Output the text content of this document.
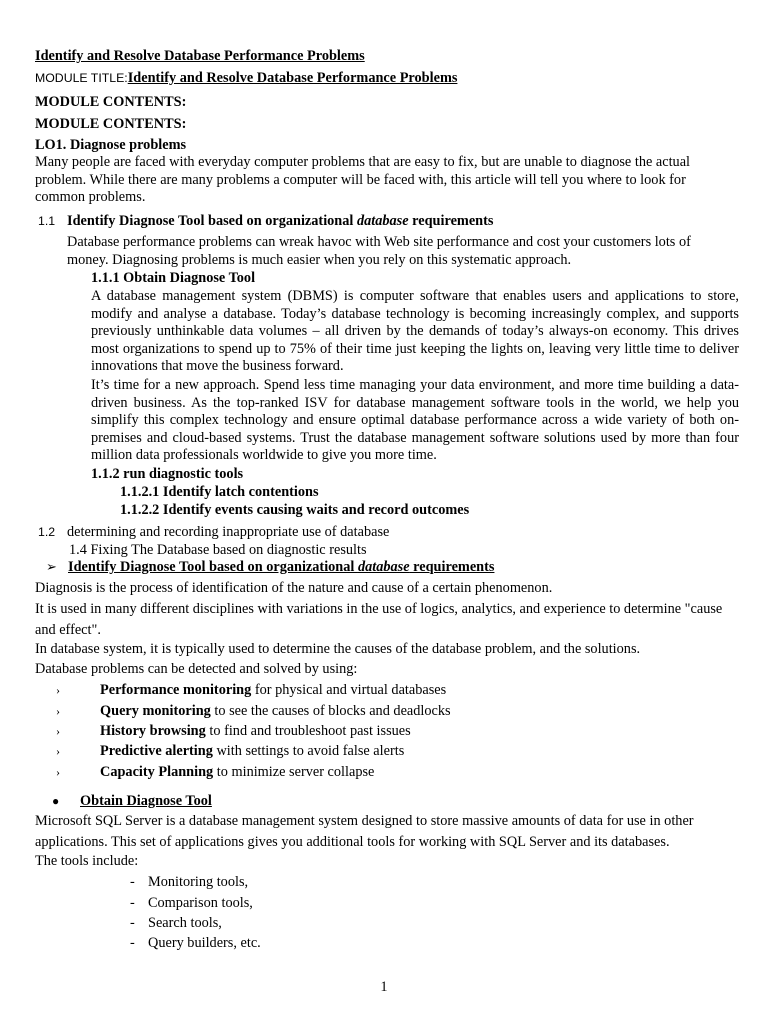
Identify and Resolve Database Performance Problems
MODULE TITLE:Identify and Resolve Database Performance Problems
MODULE CONTENTS:
MODULE CONTENTS:
LO1. Diagnose problems
Many people are faced with everyday computer problems that are easy to fix, but are unable to diagnose the actual problem. While there are many problems a computer will be faced with, this article will tell you where to look for common problems.
1.1 Identify Diagnose Tool based on organizational database requirements
Database performance problems can wreak havoc with Web site performance and cost your customers lots of money. Diagnosing problems is much easier when you rely on this systematic approach.
1.1.1 Obtain Diagnose Tool
A database management system (DBMS) is computer software that enables users and applications to store, modify and analyse a database. Today’s database technology is becoming increasingly complex, and supports previously unthinkable data volumes – all driven by the demands of today’s always-on economy. This drives most organizations to spend up to 75% of their time just keeping the lights on, leaving very little time to deliver innovations that move the business forward.
It’s time for a new approach. Spend less time managing your data environment, and more time building a data-driven business. As the top-ranked ISV for database management software tools in the world, we help you simplify this complex technology and ensure optimal database performance across a wide variety of both on-premises and cloud-based systems. Trust the database management software solutions used by more than four million data professionals worldwide to give you more time.
1.1.2 run diagnostic tools
1.1.2.1 Identify latch contentions
1.1.2.2 Identify events causing waits and record outcomes
1.2 determining and recording inappropriate use of database
1.4 Fixing The Database based on diagnostic results
➢ Identify Diagnose Tool based on organizational database requirements
Diagnosis is the process of identification of the nature and cause of a certain phenomenon.
It is used in many different disciplines with variations in the use of logics, analytics, and experience to determine "cause and effect".
In database system, it is typically used to determine the causes of the database problem, and the solutions.
Database problems can be detected and solved by using:
›	Performance monitoring for physical and virtual databases
›	Query monitoring to see the causes of blocks and deadlocks
›	History browsing to find and troubleshoot past issues
›	Predictive alerting with settings to avoid false alerts
›	Capacity Planning to minimize server collapse
● Obtain Diagnose Tool
Microsoft SQL Server is a database management system designed to store massive amounts of data for use in other applications. This set of applications gives you additional tools for working with SQL Server and its databases.
The tools include:
- Monitoring tools,
- Comparison tools,
- Search tools,
- Query builders, etc.
1
